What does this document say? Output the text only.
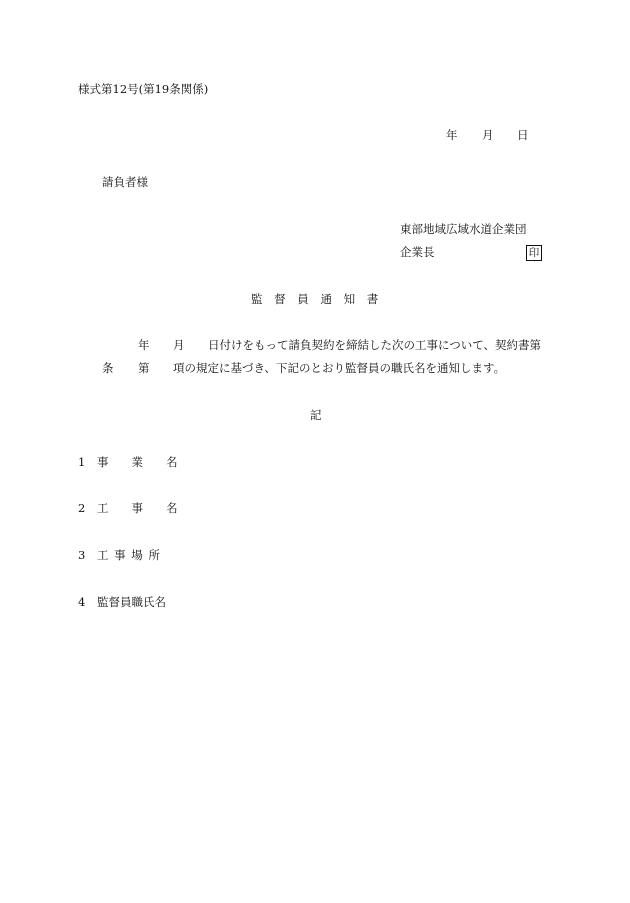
様式第12号(第19条関係)
年 月 日
請負者様
東部地域広域水道企業団
企業長	印
監 督 員 通 知 書
年 月 日付けをもって請負契約を締結した次の工事について、契約書第
条 第 項の規定に基づき、下記のとおり監督員の職氏名を通知します。
記
1 事　　業　　名
2 工　　事　　名
3 工 事 場 所
4 監督員職氏名
